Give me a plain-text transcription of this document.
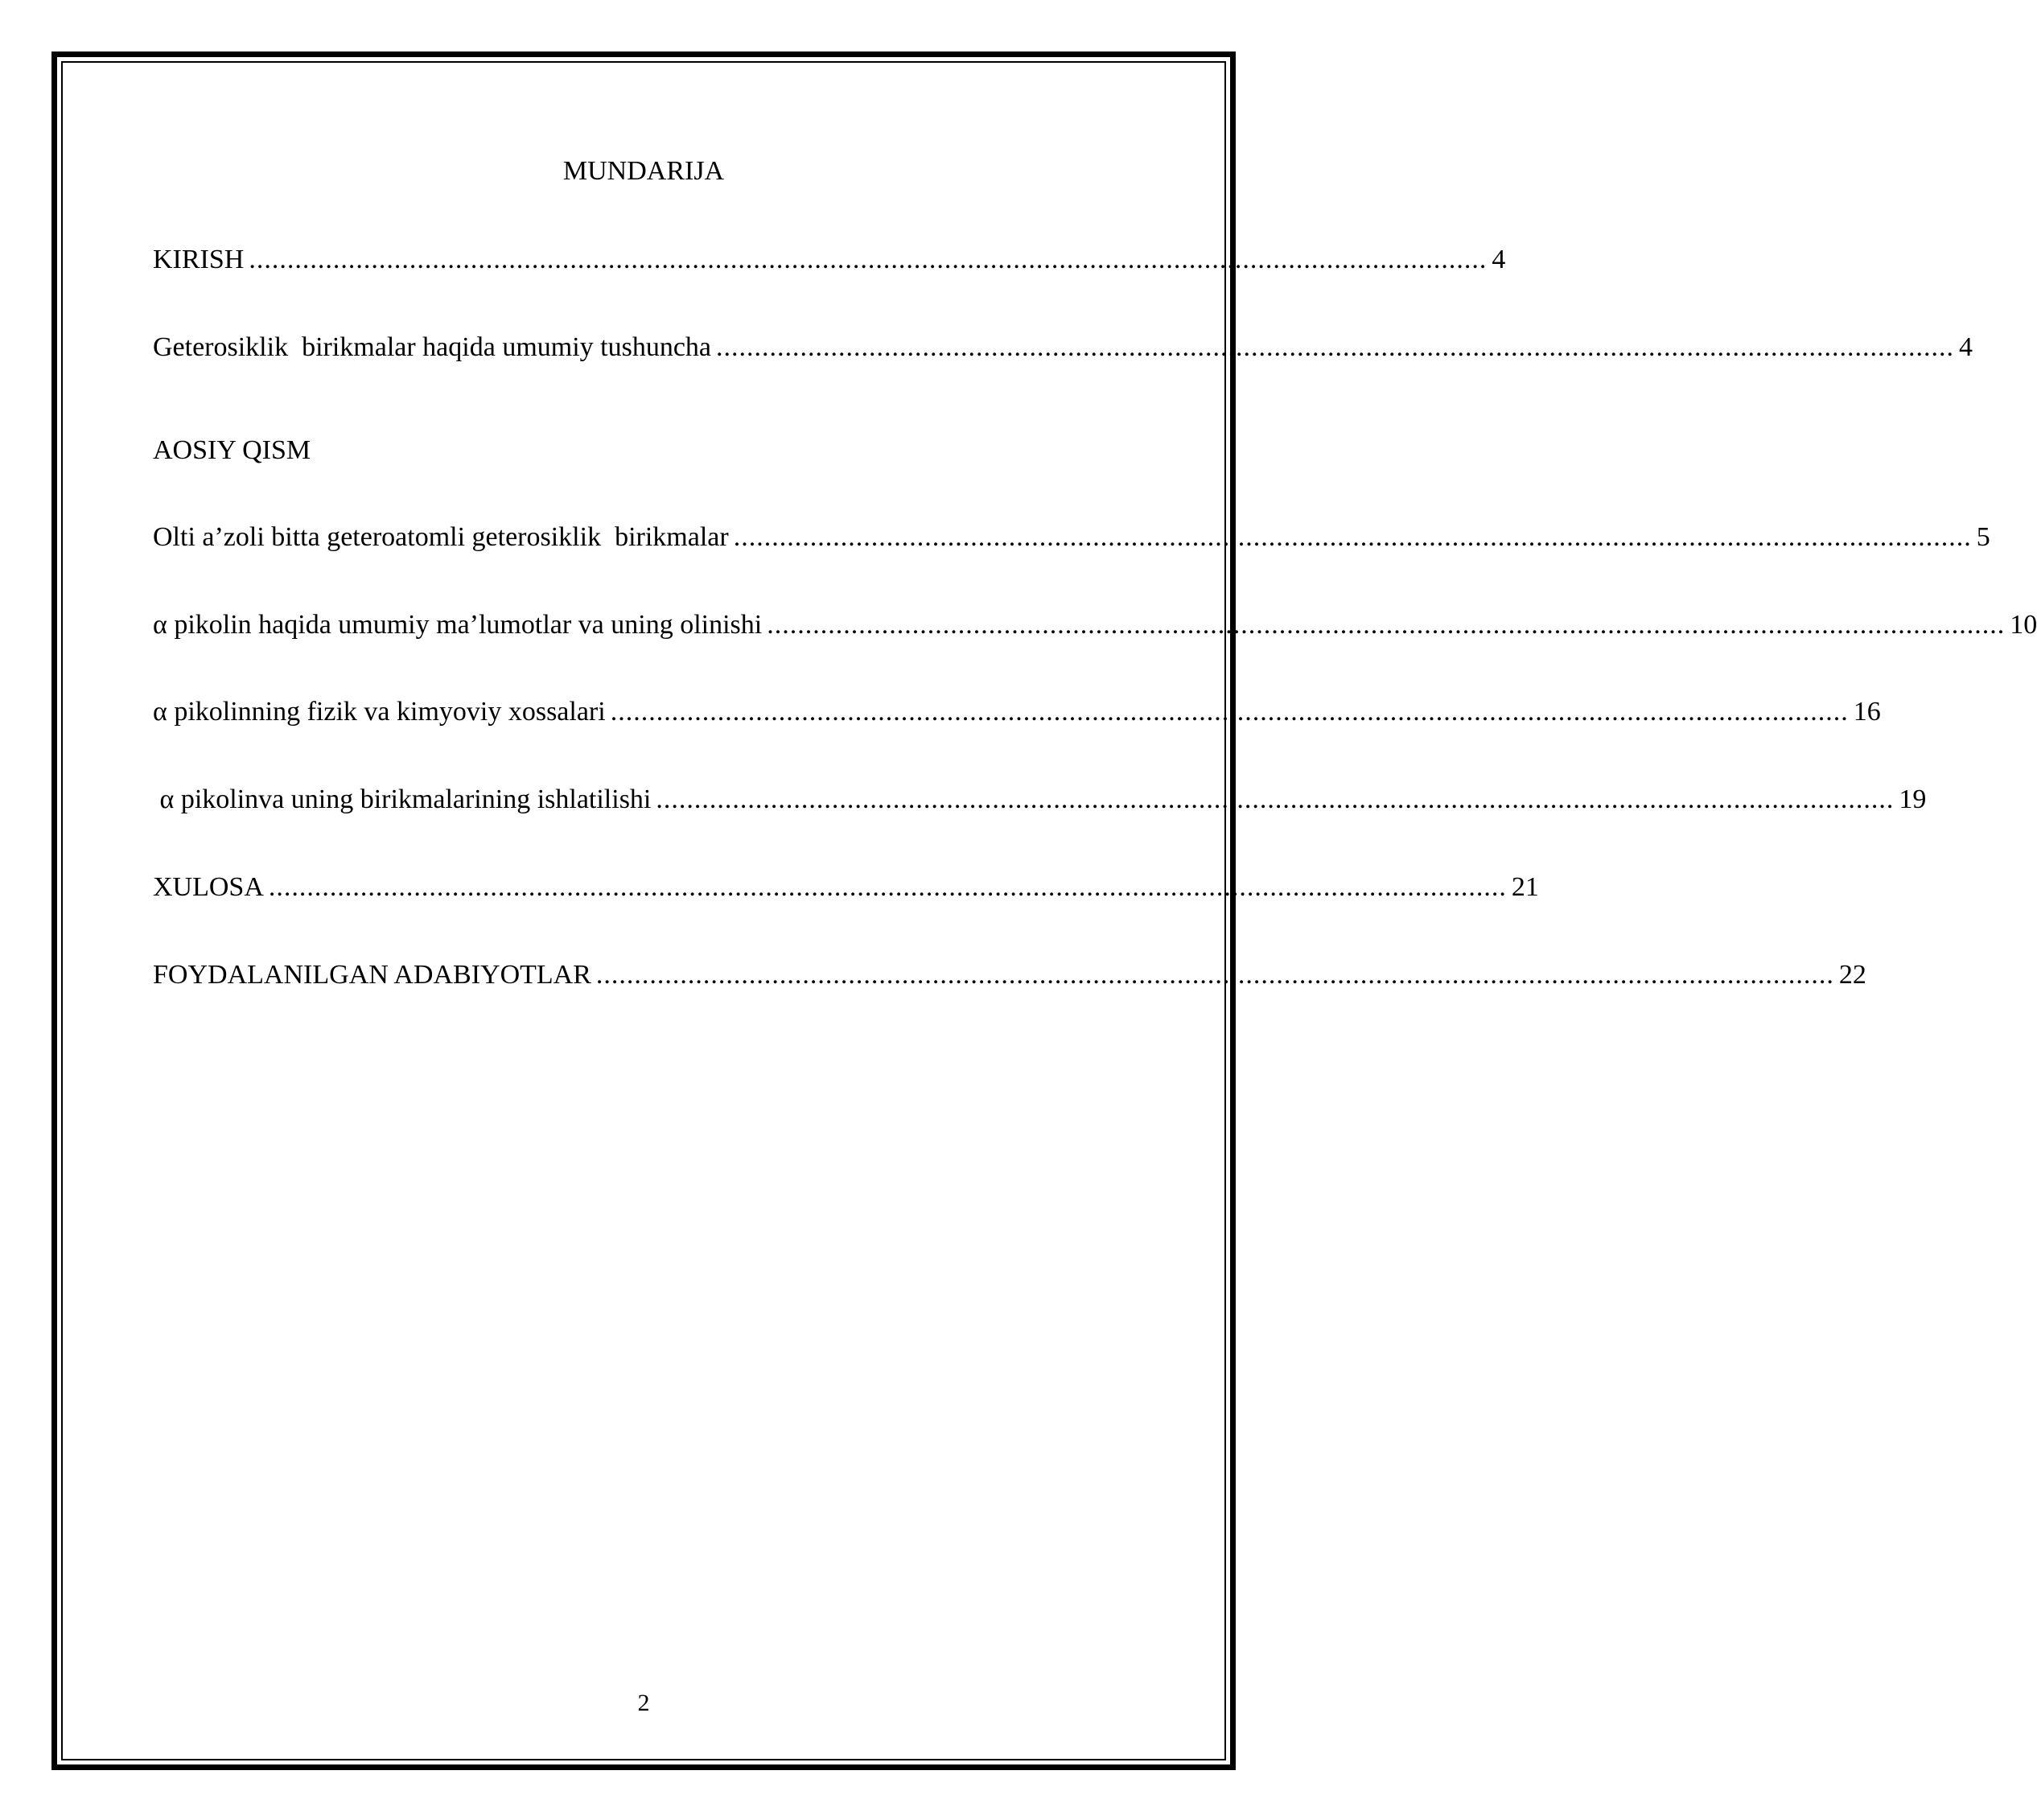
MUNDARIJA
KIRISH .................................................................................................................................................................. 4
Geterosiklik  birikmalar haqida umumiy tushuncha .................................................................................................................................................................. 4
AOSIY QISM
Olti a’zoli bitta geteroatomli geterosiklik  birikmalar .................................................................................................................................................................. 5
α pikolin haqida umumiy ma’lumotlar va uning olinishi .................................................................................................................................................................. 10
α pikolinning fizik va kimyoviy xossalari .................................................................................................................................................................. 16
α pikolinva uning birikmalarining ishlatilishi .................................................................................................................................................................. 19
XULOSA .................................................................................................................................................................. 21
FOYDALANILGAN ADABIYOTLAR .................................................................................................................................................................. 22
2
